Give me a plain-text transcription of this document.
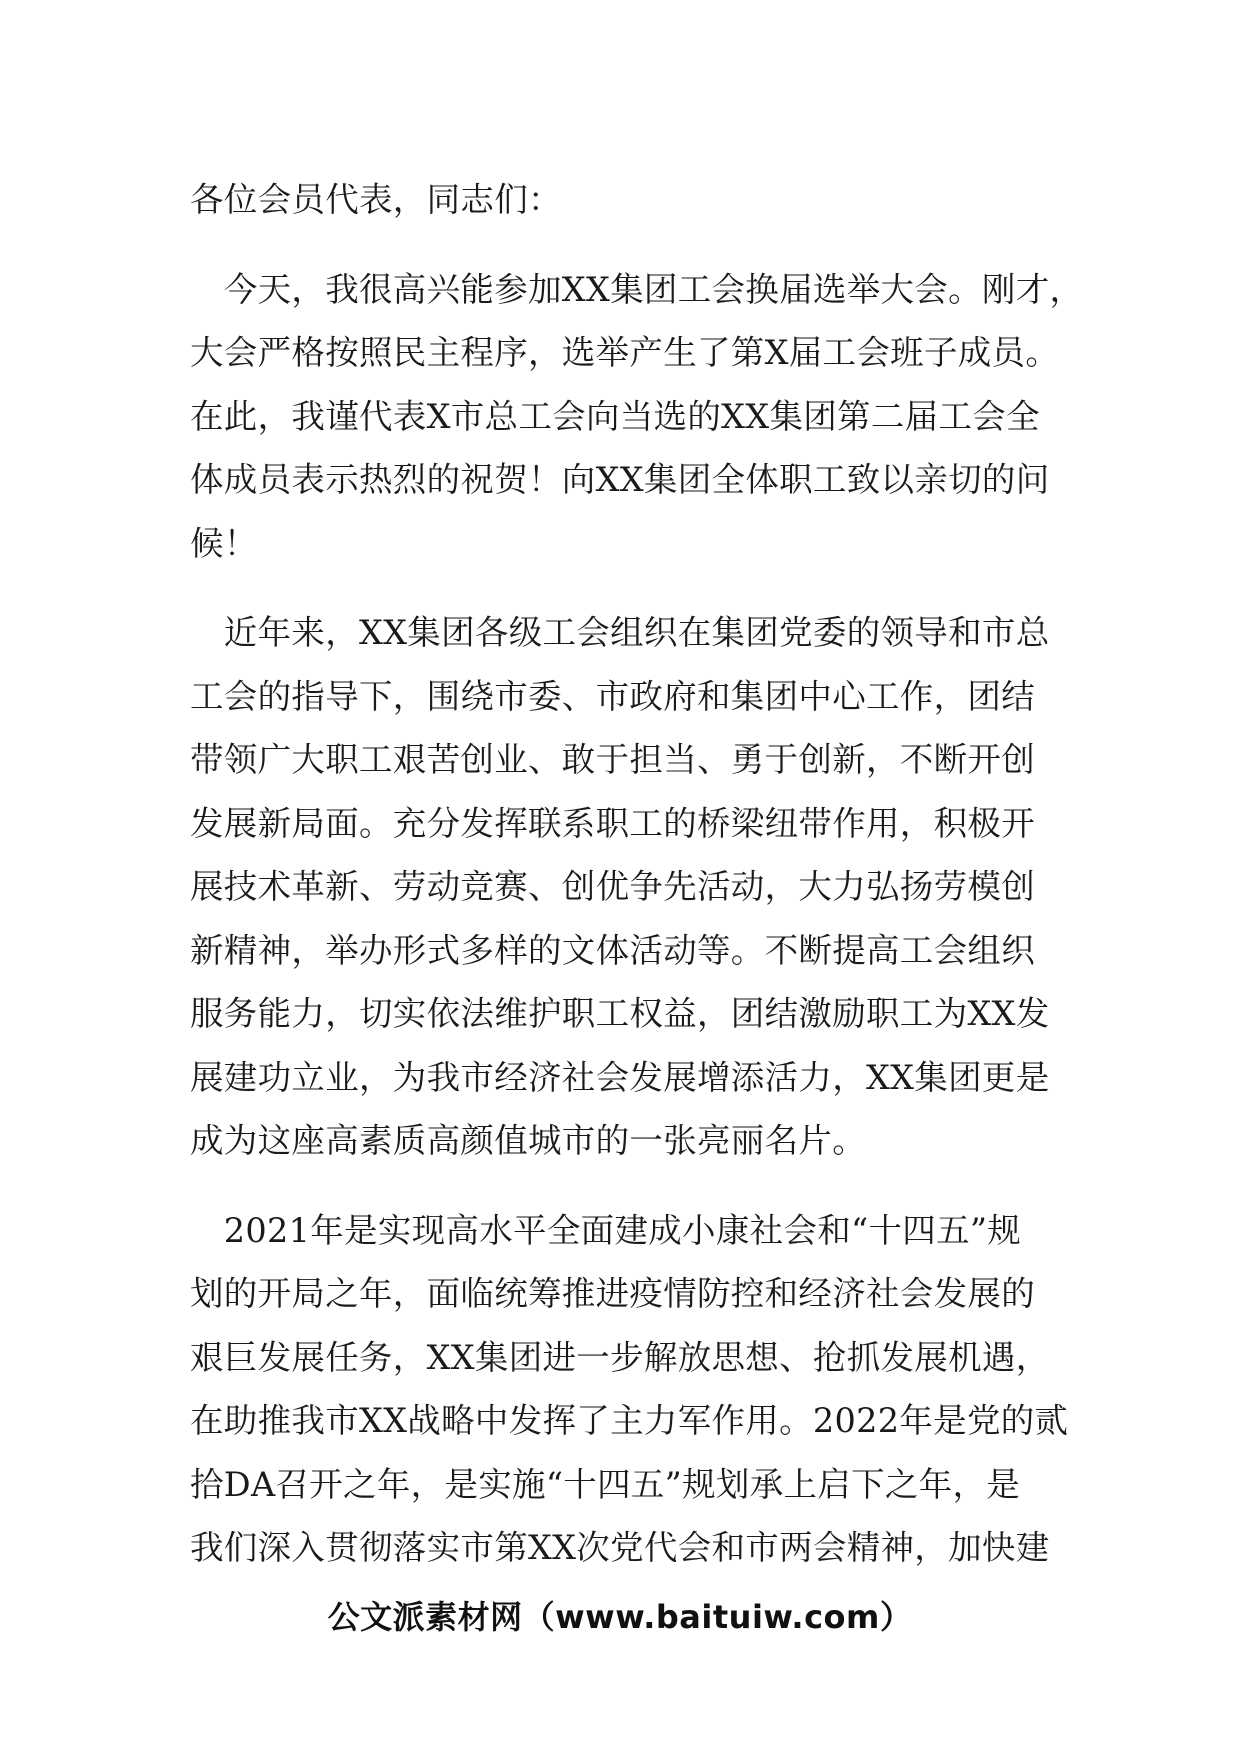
各位会员代表，同志们：
　今天，我很高兴能参加XX集团工会换届选举大会。刚才，
大会严格按照民主程序，选举产生了第X届工会班子成员。
在此，我谨代表X市总工会向当选的XX集团第二届工会全
体成员表示热烈的祝贺！向XX集团全体职工致以亲切的问
候！
　近年来，XX集团各级工会组织在集团党委的领导和市总
工会的指导下，围绕市委、市政府和集团中心工作，团结
带领广大职工艰苦创业、敢于担当、勇于创新，不断开创
发展新局面。充分发挥联系职工的桥梁纽带作用，积极开
展技术革新、劳动竞赛、创优争先活动，大力弘扬劳模创
新精神，举办形式多样的文体活动等。不断提高工会组织
服务能力，切实依法维护职工权益，团结激励职工为XX发
展建功立业，为我市经济社会发展增添活力，XX集团更是
成为这座高素质高颜值城市的一张亮丽名片。
　2021年是实现高水平全面建成小康社会和“十四五”规
划的开局之年，面临统筹推进疫情防控和经济社会发展的
艰巨发展任务，XX集团进一步解放思想、抢抓发展机遇，
在助推我市XX战略中发挥了主力军作用。2022年是党的贰
拾DA召开之年，是实施“十四五”规划承上启下之年，是
我们深入贯彻落实市第XX次党代会和市两会精神，加快建
公文派素材网（www.baituiw.com）
